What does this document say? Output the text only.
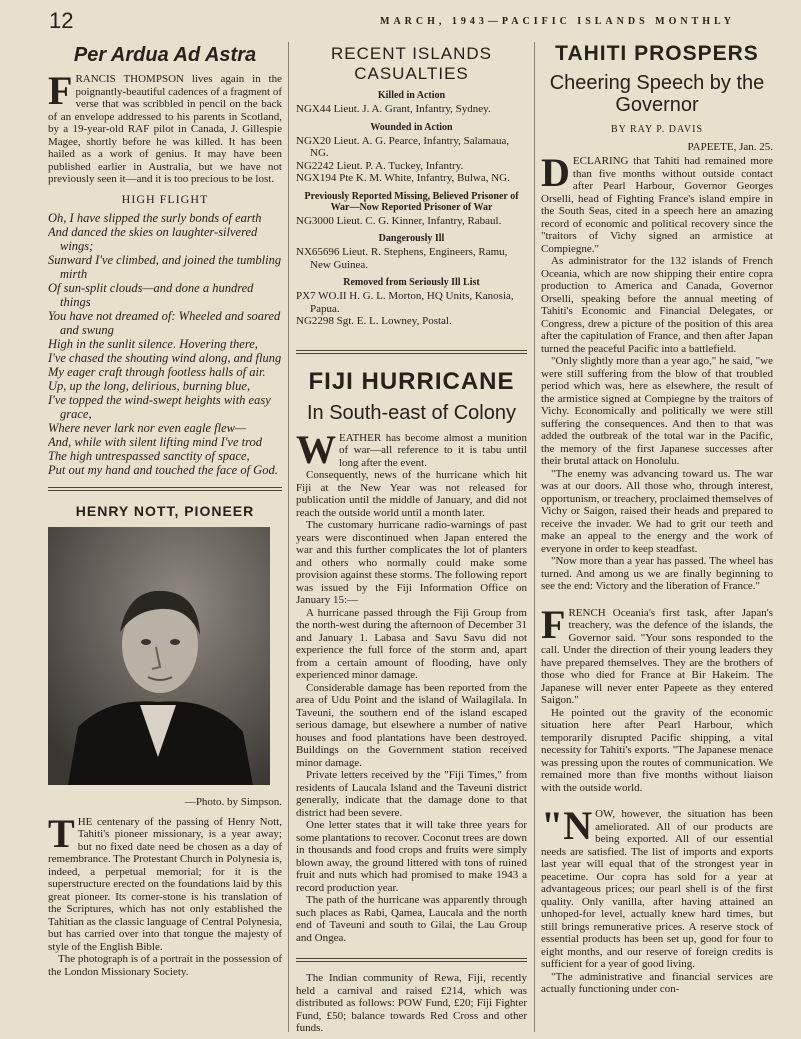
12	MARCH, 1943—PACIFIC ISLANDS MONTHLY
Per Ardua Ad Astra

FRANCIS THOMPSON lives again in the poignantly-beautiful cadences of a fragment of verse that was scribbled in pencil on the back of an envelope addressed to his parents in Scotland, by a 19-year-old RAF pilot in Canada, J. Gillespie Magee, shortly before he was killed. It has been hailed as a work of genius. It may have been published earlier in Australia, but we have not previously seen it—and it is too precious to be lost.

HIGH FLIGHT

Oh, I have slipped the surly bonds of earth

And danced the skies on laughter-silvered wings;

Sunward I've climbed, and joined the tumbling mirth

Of sun-split clouds—and done a hundred things

You have not dreamed of: Wheeled and soared and swung

High in the sunlit silence. Hovering there,

I've chased the shouting wind along, and flung

My eager craft through footless halls of air.

Up, up the long, delirious, burning blue,

I've topped the wind-swept heights with easy grace,

Where never lark nor even eagle flew—

And, while with silent lifting mind I've trod

The high untrespassed sanctity of space,

Put out my hand and touched the face of God.

HENRY NOTT, PIONEER
—Photo. by Simpson.

THE centenary of the passing of Henry Nott, Tahiti's pioneer missionary, is a year away; but no fixed date need be chosen as a day of remembrance. The Protestant Church in Polynesia is, indeed, a perpetual memorial; for it is the superstructure erected on the foundations laid by this great pioneer. Its corner-stone is his translation of the Scriptures, which has not only established the Tahitian as the classic language of Central Polynesia, but has carried over into that tongue the majesty of style of the English Bible.

The photograph is of a portrait in the possession of the London Missionary Society.

RECENT ISLANDS CASUALTIES
Killed in Action

NGX44 Lieut. J. A. Grant, Infantry, Sydney.

Wounded in Action

NGX20 Lieut. A. G. Pearce, Infantry, Salamaua, NG.

NG2242 Lieut. P. A. Tuckey, Infantry.

NGX194 Pte K. M. White, Infantry, Bulwa, NG.

Previously Reported Missing, Believed Prisoner of War—Now Reported Prisoner of War

NG3000 Lieut. C. G. Kinner, Infantry, Rabaul.

Dangerously Ill

NX65696 Lieut. R. Stephens, Engineers, Ramu, New Guinea.

Removed from Seriously Ill List

PX7 WO.II H. G. L. Morton, HQ Units, Kanosia, Papua.

NG2298 Sgt. E. L. Lowney, Postal.

FIJI HURRICANE
In South-east of Colony

WEATHER has become almost a munition of war—all reference to it is tabu until long after the event.

Consequently, news of the hurricane which hit Fiji at the New Year was not released for publication until the middle of January, and did not reach the outside world until a month later.

The customary hurricane radio-warnings of past years were discontinued when Japan entered the war and this further complicates the lot of planters and others who normally could make some provision against these storms. The following report was issued by the Fiji Information Office on January 15:—

A hurricane passed through the Fiji Group from the north-west during the afternoon of December 31 and January 1. Labasa and Savu Savu did not experience the full force of the storm and, apart from a certain amount of flooding, have only experienced minor damage.

Considerable damage has been reported from the area of Udu Point and the island of Wailagilala. In Taveuni, the southern end of the island escaped serious damage, but elsewhere a number of native houses and food plantations have been destroyed. Buildings on the Government station received minor damage.

Private letters received by the "Fiji Times," from residents of Laucala Island and the Taveuni district generally, indicate that the damage done to that district had been severe.

One letter states that it will take three years for some plantations to recover. Coconut trees are down in thousands and food crops and fruits were simply blown away, the ground littered with tons of ruined fruit and nuts which had promised to make 1943 a record production year.

The path of the hurricane was apparently through such places as Rabi, Qamea, Laucala and the north end of Taveuni and south to Gilai, the Lau Group and Ongea.

The Indian community of Rewa, Fiji, recently held a carnival and raised £214, which was distributed as follows: POW Fund, £20; Fiji Fighter Fund, £50; balance towards Red Cross and other funds.

TAHITI PROSPERS
Cheering Speech by the Governor
BY RAY P. DAVIS
PAPEETE, Jan. 25.

DECLARING that Tahiti had remained more than five months without outside contact after Pearl Harbour, Governor Georges Orselli, head of Fighting France's island empire in the South Seas, cited in a speech here an amazing record of economic and political recovery since the "traitors of Vichy signed an armistice at Compiegne."

As administrator for the 132 islands of French Oceania, which are now shipping their entire copra production to America and Canada, Governor Orselli, speaking before the annual meeting of Tahiti's Economic and Financial Delegates, or Congress, drew a picture of the position of this area after the capitulation of France, and then after Japan turned the peaceful Pacific into a battlefield.

"Only slightly more than a year ago," he said, "we were still suffering from the blow of that troubled period which was, here as elsewhere, the result of the armistice signed at Compiegne by the traitors of Vichy. Economically and politically we were still suffering the consequences. And then to that was added the outbreak of the total war in the Pacific, the memory of the first Japanese successes after their brutal attack on Honolulu.

"The enemy was advancing toward us. The war was at our doors. All those who, through interest, opportunism, or treachery, proclaimed themselves of Vichy or Saigon, raised their heads and prepared to receive the invader. We had to grit our teeth and make an appeal to the energy and the work of everyone in order to keep steadfast.

"Now more than a year has passed. The wheel has turned. And among us we are finally beginning to see the end: Victory and the liberation of France."

FRENCH Oceania's first task, after Japan's treachery, was the defence of the islands, the Governor said. "Your sons responded to the call. Under the direction of their young leaders they have prepared themselves. They are the brothers of those who died for France at Bir Hakeim. The Japanese will never enter Papeete as they entered Saigon."

He pointed out the gravity of the economic situation here after Pearl Harbour, which temporarily disrupted Pacific shipping, a vital necessity for Tahiti's exports. "The Japanese menace was pressing upon the routes of communication. We remained more than five months without liaison with the outside world.

"NOW, however, the situation has been ameliorated. All of our products are being exported. All of our essential needs are satisfied. The list of imports and exports last year will equal that of the strongest year in peacetime. Our copra has sold for a year at advantageous prices; our pearl shell is of the first quality. Only vanilla, after having attained an unhoped-for level, actually knew hard times, but still brings remunerative prices. A reserve stock of essential products has been set up, good for four to eight months, and our reserve of foreign credits is sufficient for a year of good living.

"The administrative and financial services are actually functioning under con-
